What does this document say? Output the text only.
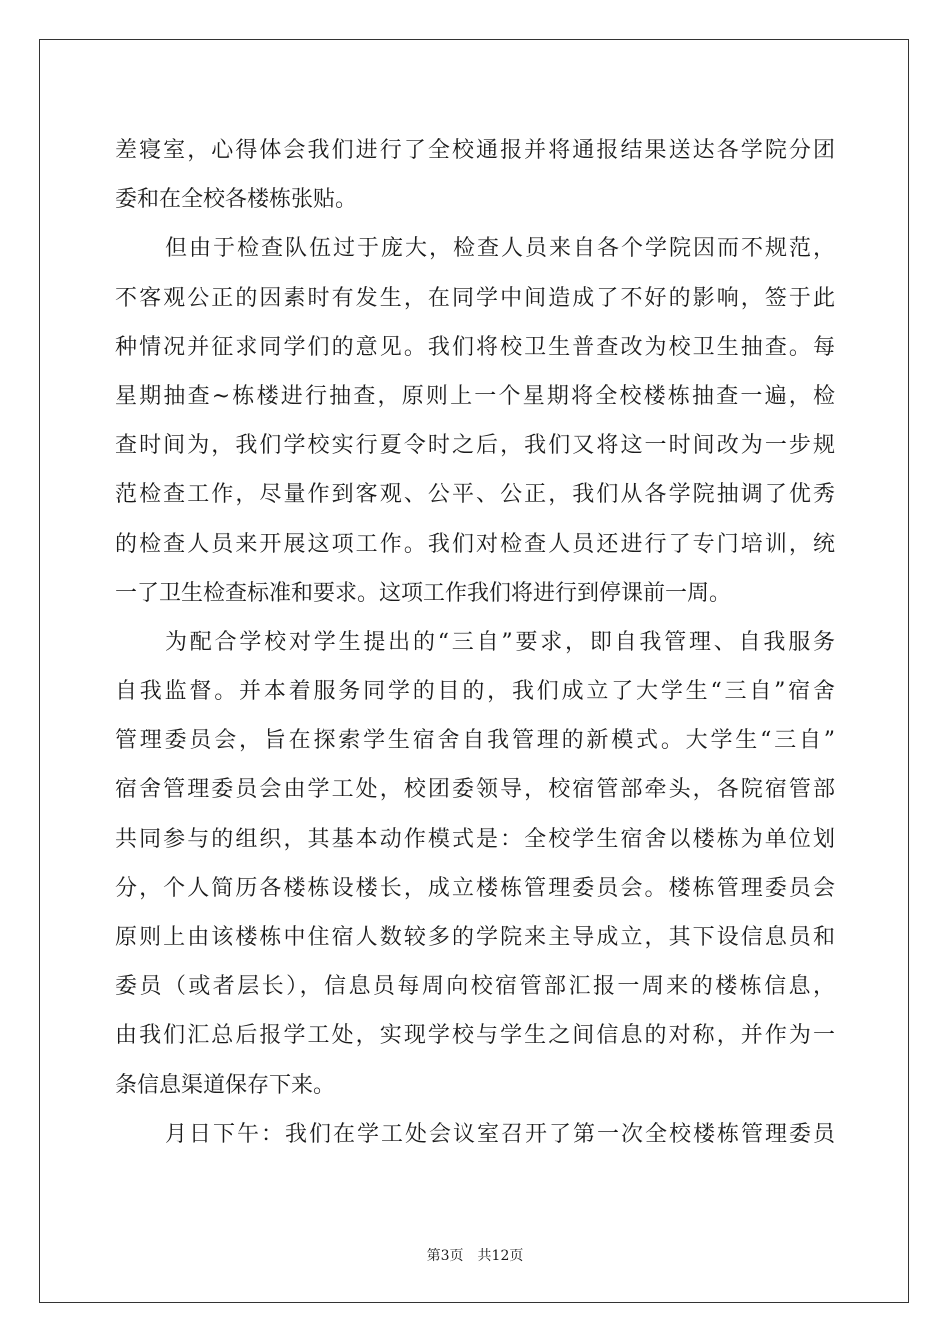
差寝室，心得体会我们进行了全校通报并将通报结果送达各学院分团
委和在全校各楼栋张贴。
但由于检查队伍过于庞大，检查人员来自各个学院因而不规范，
不客观公正的因素时有发生，在同学中间造成了不好的影响，签于此
种情况并征求同学们的意见。我们将校卫生普查改为校卫生抽查。每
星期抽查~栋楼进行抽查，原则上一个星期将全校楼栋抽查一遍，检
查时间为，我们学校实行夏令时之后，我们又将这一时间改为一步规
范检查工作，尽量作到客观、公平、公正，我们从各学院抽调了优秀
的检查人员来开展这项工作。我们对检查人员还进行了专门培训，统
一了卫生检查标准和要求。这项工作我们将进行到停课前一周。
为配合学校对学生提出的“三自”要求，即自我管理、自我服务
自我监督。并本着服务同学的目的，我们成立了大学生“三自”宿舍
管理委员会，旨在探索学生宿舍自我管理的新模式。大学生“三自”
宿舍管理委员会由学工处，校团委领导，校宿管部牵头，各院宿管部
共同参与的组织，其基本动作模式是：全校学生宿舍以楼栋为单位划
分，个人简历各楼栋设楼长，成立楼栋管理委员会。楼栋管理委员会
原则上由该楼栋中住宿人数较多的学院来主导成立，其下设信息员和
委员（或者层长），信息员每周向校宿管部汇报一周来的楼栋信息，
由我们汇总后报学工处，实现学校与学生之间信息的对称，并作为一
条信息渠道保存下来。
月日下午：我们在学工处会议室召开了第一次全校楼栋管理委员
第3页 共12页
